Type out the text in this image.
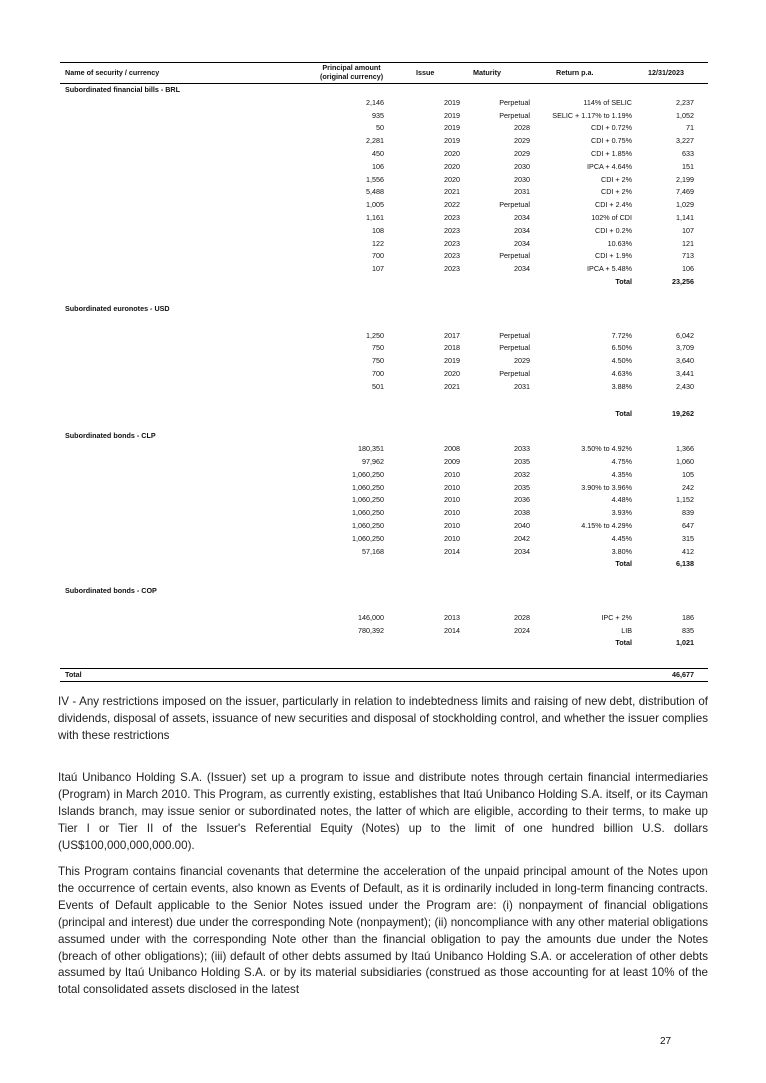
Name of security / currency
Principal amount
(original currency)	Issue	Maturity	Return p.a.	12/31/2023
Subordinated financial bills - BRL
2,146	2019	Perpetual	114% of SELIC	2,237
935	2019	Perpetual	SELIC + 1.17% to 1.19%	1,052
50	2019	2028	CDI + 0.72%	71
2,281	2019	2029	CDI + 0.75%	3,227
450	2020	2029	CDI + 1.85%	633
106	2020	2030	IPCA + 4.64%	151
1,556	2020	2030	CDI + 2%	2,199
5,488	2021	2031	CDI + 2%	7,469
1,005	2022	Perpetual	CDI + 2.4%	1,029
1,161	2023	2034	102% of CDI	1,141
108	2023	2034	CDI + 0.2%	107
122	2023	2034	10.63%	121
700	2023	Perpetual	CDI + 1.9%	713
107	2023	2034	IPCA + 5.48%	106
Total	23,256
Subordinated euronotes - USD
1,250	2017	Perpetual	7.72%	6,042
750	2018	Perpetual	6.50%	3,709
750	2019	2029	4.50%	3,640
700	2020	Perpetual	4.63%	3,441
501	2021	2031	3.88%	2,430
Total	19,262
Subordinated bonds - CLP
180,351	2008	2033	3.50% to 4.92%	1,366
97,962	2009	2035	4.75%	1,060
1,060,250	2010	2032	4.35%	105
1,060,250	2010	2035	3.90% to 3.96%	242
1,060,250	2010	2036	4.48%	1,152
1,060,250	2010	2038	3.93%	839
1,060,250	2010	2040	4.15% to 4.29%	647
1,060,250	2010	2042	4.45%	315
57,168	2014	2034	3.80%	412
Total	6,138
Subordinated bonds - COP
146,000	2013	2028	IPC + 2%	186
780,392	2014	2024	LIB	835
Total	1,021
Total	46,677

IV - Any restrictions imposed on the issuer, particularly in relation to indebtedness limits and raising of new debt, distribution of dividends, disposal of assets, issuance of new securities and disposal of stockholding control, and whether the issuer complies with these restrictions

Itaú Unibanco Holding S.A. (Issuer) set up a program to issue and distribute notes through certain financial intermediaries (Program) in March 2010. This Program, as currently existing, establishes that Itaú Unibanco Holding S.A. itself, or its Cayman Islands branch, may issue senior or subordinated notes, the latter of which are eligible, according to their terms, to make up Tier I or Tier II of the Issuer's Referential Equity (Notes) up to the limit of one hundred billion U.S. dollars (US$100,000,000,000.00).

This Program contains financial covenants that determine the acceleration of the unpaid principal amount of the Notes upon the occurrence of certain events, also known as Events of Default, as it is ordinarily included in long-term financing contracts. Events of Default applicable to the Senior Notes issued under the Program are: (i) nonpayment of financial obligations (principal and interest) due under the corresponding Note (nonpayment); (ii) noncompliance with any other material obligations assumed under with the corresponding Note other than the financial obligation to pay the amounts due under the Notes (breach of other obligations); (iii) default of other debts assumed by Itaú Unibanco Holding S.A. or acceleration of other debts assumed by Itaú Unibanco Holding S.A. or by its material subsidiaries (construed as those accounting for at least 10% of the total consolidated assets disclosed in the latest

27
